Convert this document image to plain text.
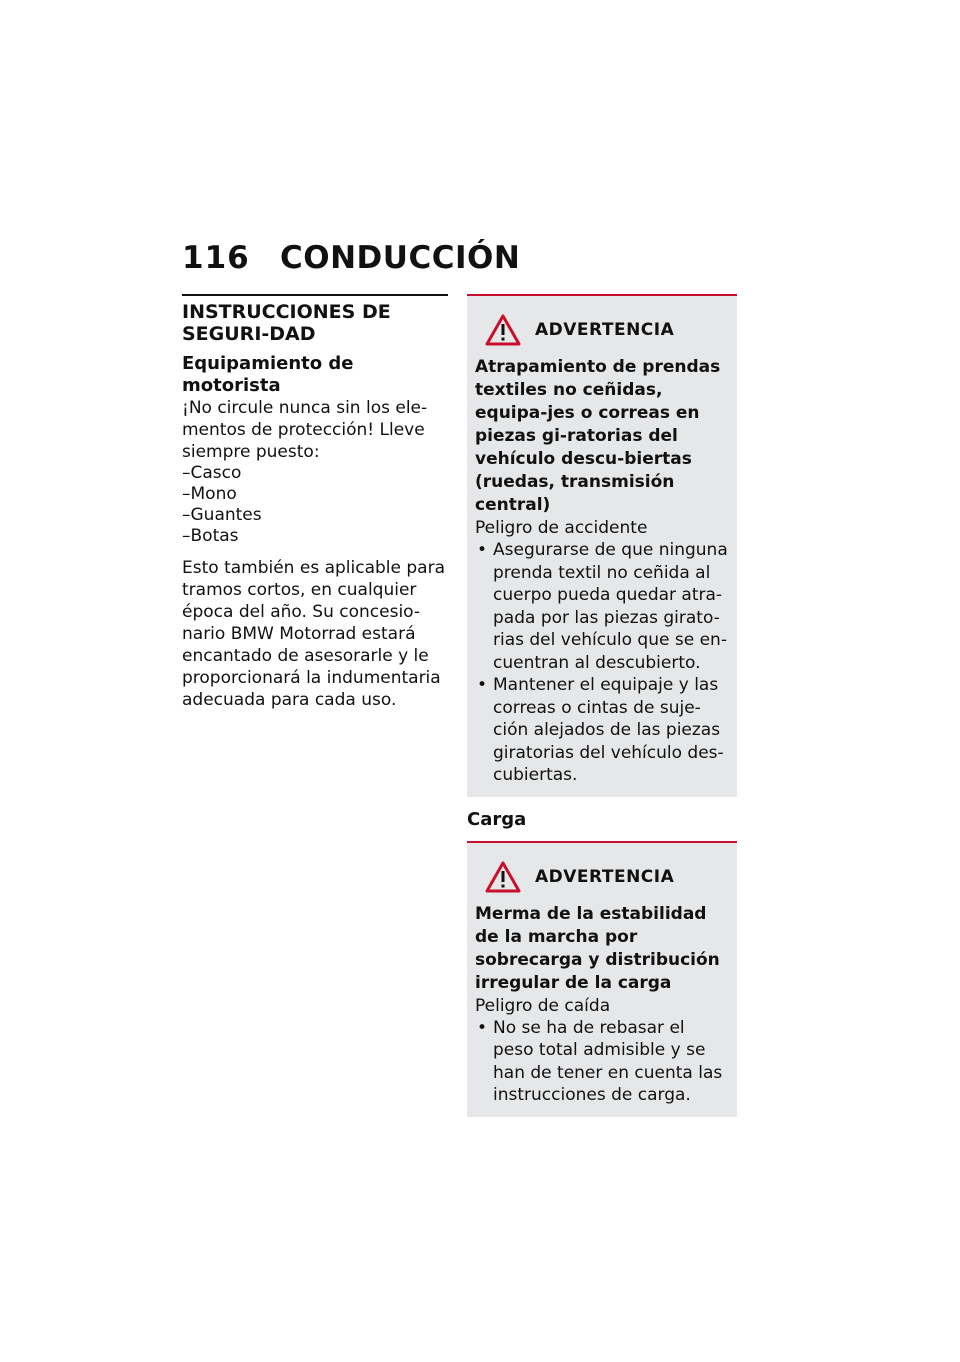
116 CONDUCCIÓN

INSTRUCCIONES DE SEGURI-DAD

Equipamiento de motorista

¡No circule nunca sin los ele-mentos de protección! Lleve siempre puesto:

– Casco
– Mono
– Guantes
– Botas

Esto también es aplicable para tramos cortos, en cualquier época del año. Su concesio-nario BMW Motorrad estará encantado de asesorarle y le proporcionará la indumentaria adecuada para cada uso.

ADVERTENCIA

Atrapamiento de prendas textiles no ceñidas, equipa-jes o correas en piezas gi-ratorias del vehículo descu-biertas (ruedas, transmisión central)

Peligro de accidente

• Asegurarse de que ninguna prenda textil no ceñida al cuerpo pueda quedar atra-pada por las piezas girato-rias del vehículo que se en-cuentran al descubierto.
• Mantener el equipaje y las correas o cintas de suje-ción alejados de las piezas giratorias del vehículo des-cubiertas.

Carga

ADVERTENCIA

Merma de la estabilidad de la marcha por sobrecarga y distribución irregular de la carga

Peligro de caída

• No se ha de rebasar el peso total admisible y se han de tener en cuenta las instrucciones de carga.
